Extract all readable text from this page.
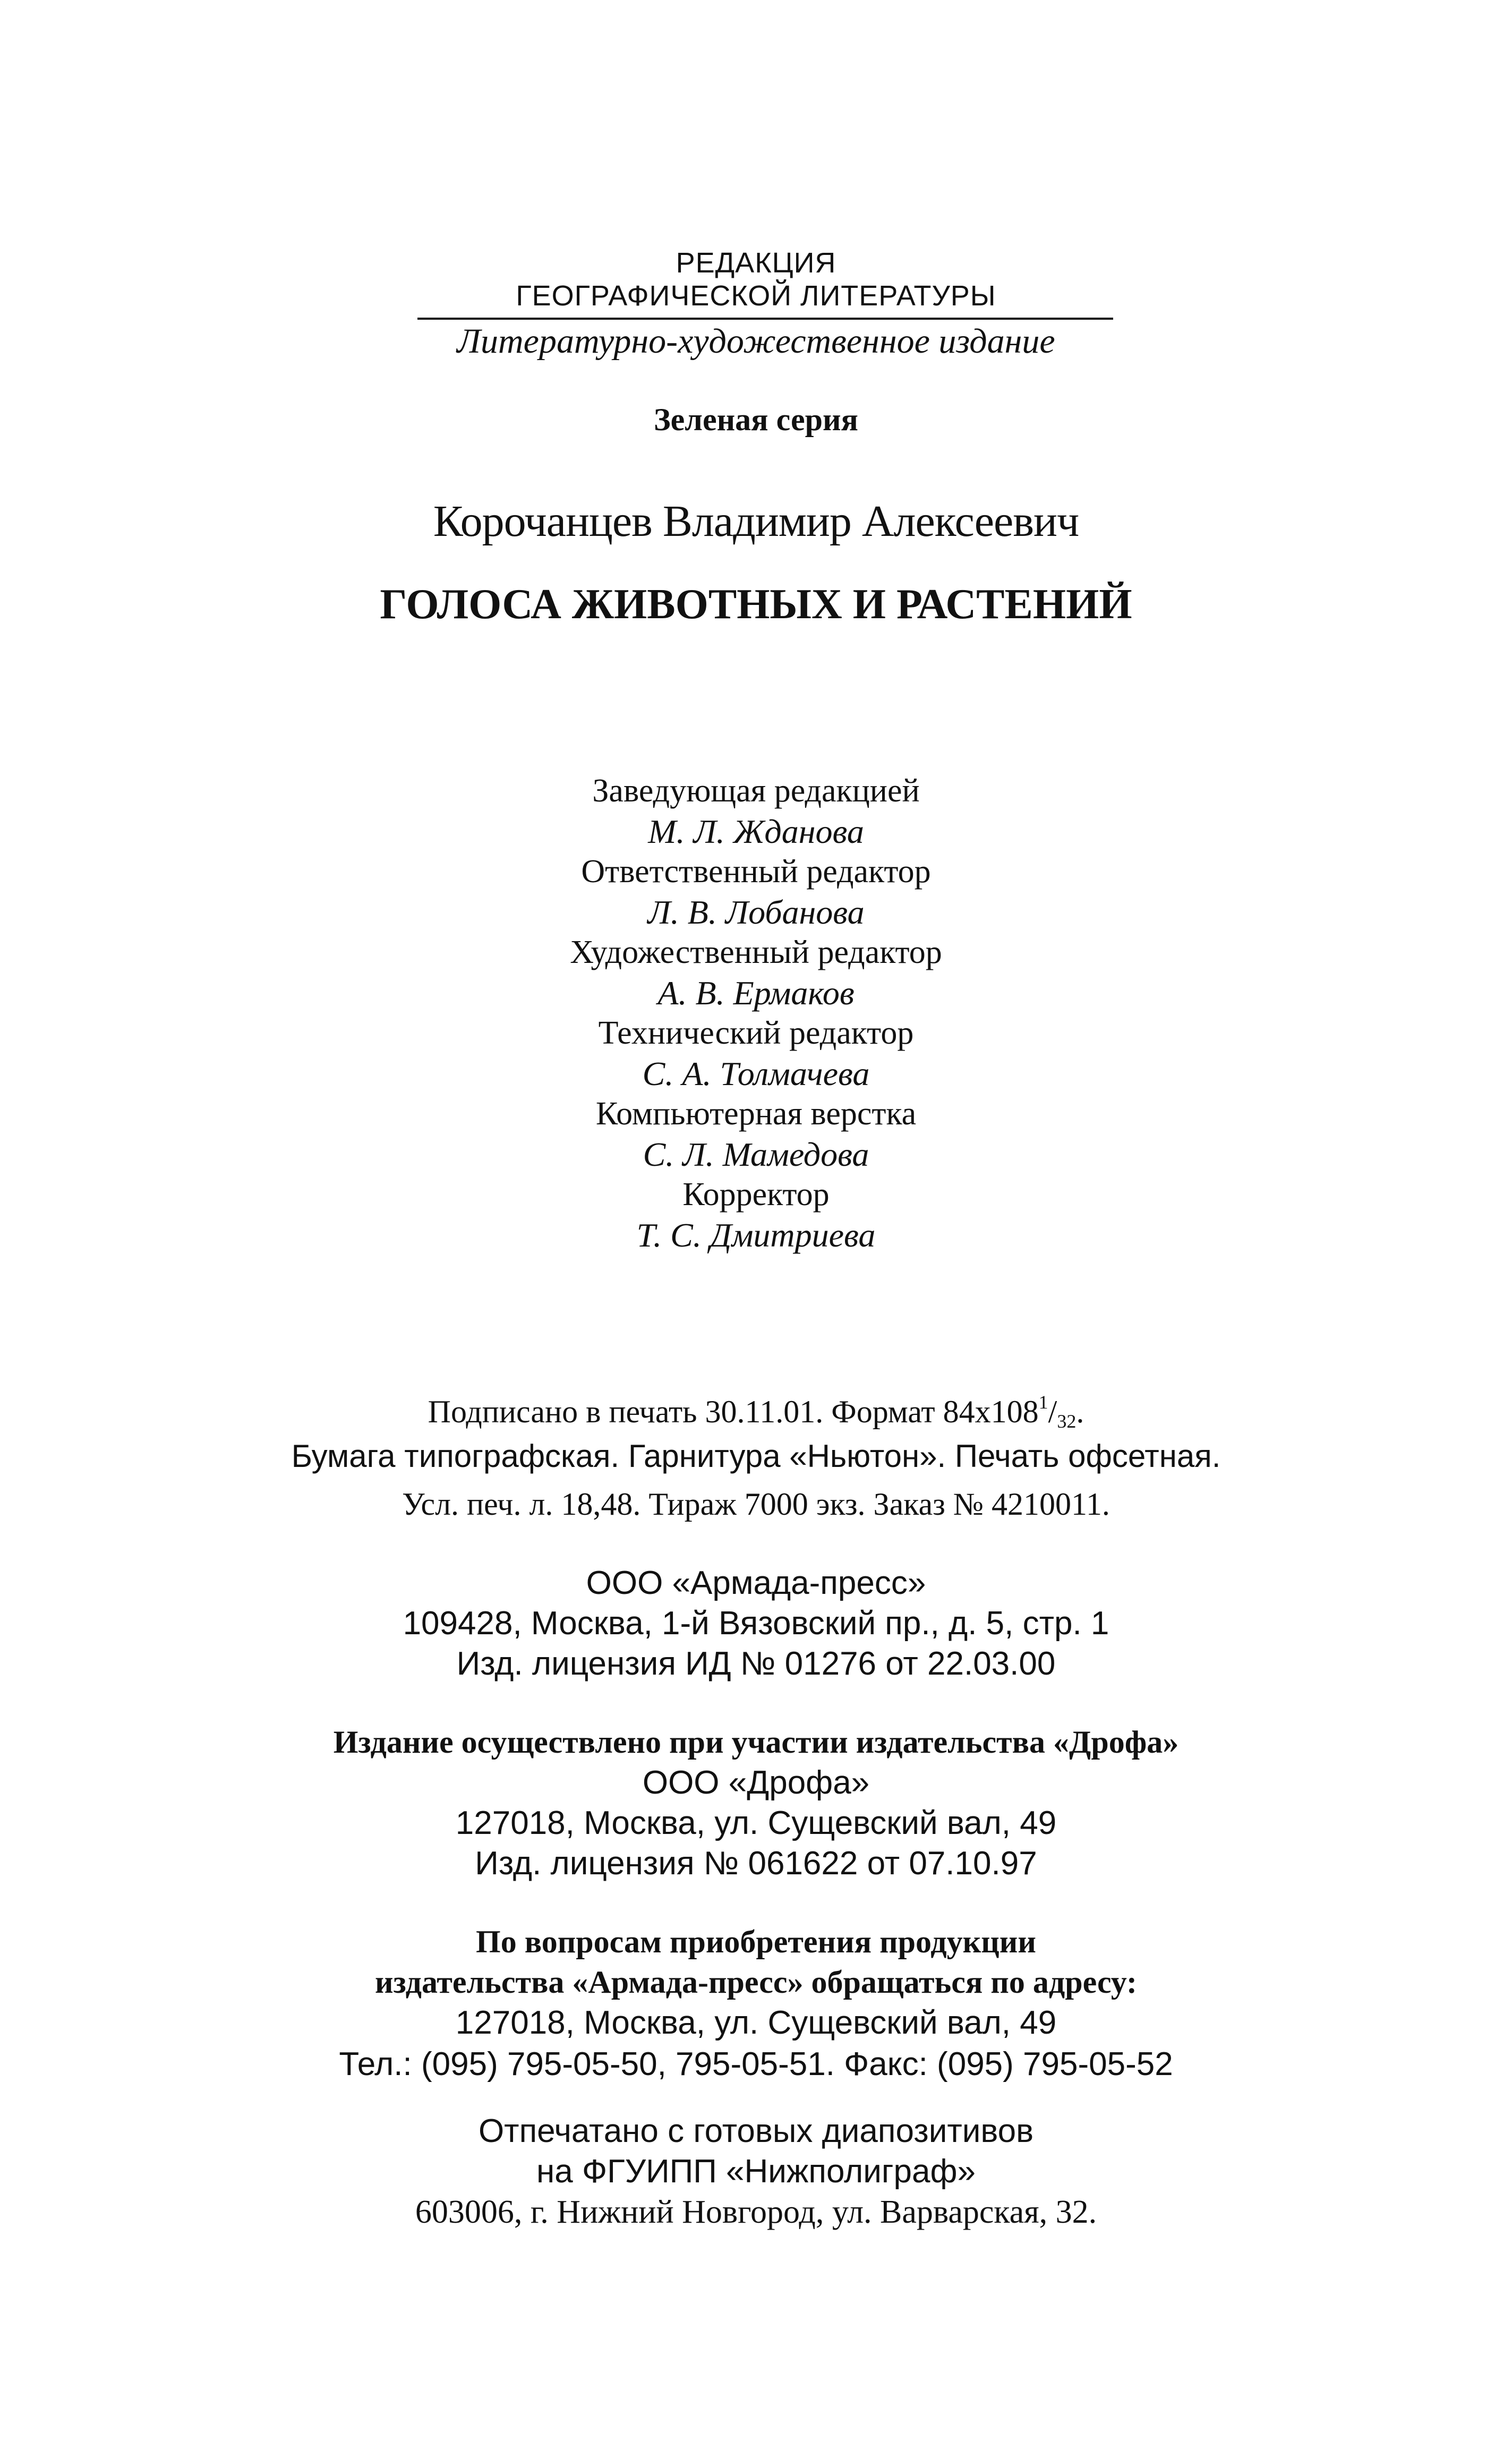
РЕДАКЦИЯ
ГЕОГРАФИЧЕСКОЙ ЛИТЕРАТУРЫ
Литературно-художественное издание
Зеленая серия
Корочанцев Владимир Алексеевич
ГОЛОСА ЖИВОТНЫХ И РАСТЕНИЙ
Заведующая редакцией
М. Л. Жданова
Ответственный редактор
Л. В. Лобанова
Художественный редактор
А. В. Ермаков
Технический редактор
С. А. Толмачева
Компьютерная верстка
С. Л. Мамедова
Корректор
Т. С. Дмитриева
Подписано в печать 30.11.01. Формат $84x108^1/_{32}$.
Бумага типографская. Гарнитура «Ньютон». Печать офсетная.
Усл. печ. л. 18,48. Тираж 7000 экз. Заказ № 4210011.
ООО «Армада-пресс»
109428, Москва, 1-й Вязовский пр., д. 5, стр. 1
Изд. лицензия ИД № 01276 от 22.03.00
Издание осуществлено при участии издательства «Дрофа»
ООО «Дрофа»
127018, Москва, ул. Сущевский вал, 49
Изд. лицензия № 061622 от 07.10.97
По вопросам приобретения продукции
издательства «Армада-пресс» обращаться по адресу:
127018, Москва, ул. Сущевский вал, 49
Тел.: (095) 795-05-50, 795-05-51. Факс: (095) 795-05-52
Отпечатано с готовых диапозитивов
на ФГУИПП «Нижполиграф»
603006, г. Нижний Новгород, ул. Варварская, 32.
